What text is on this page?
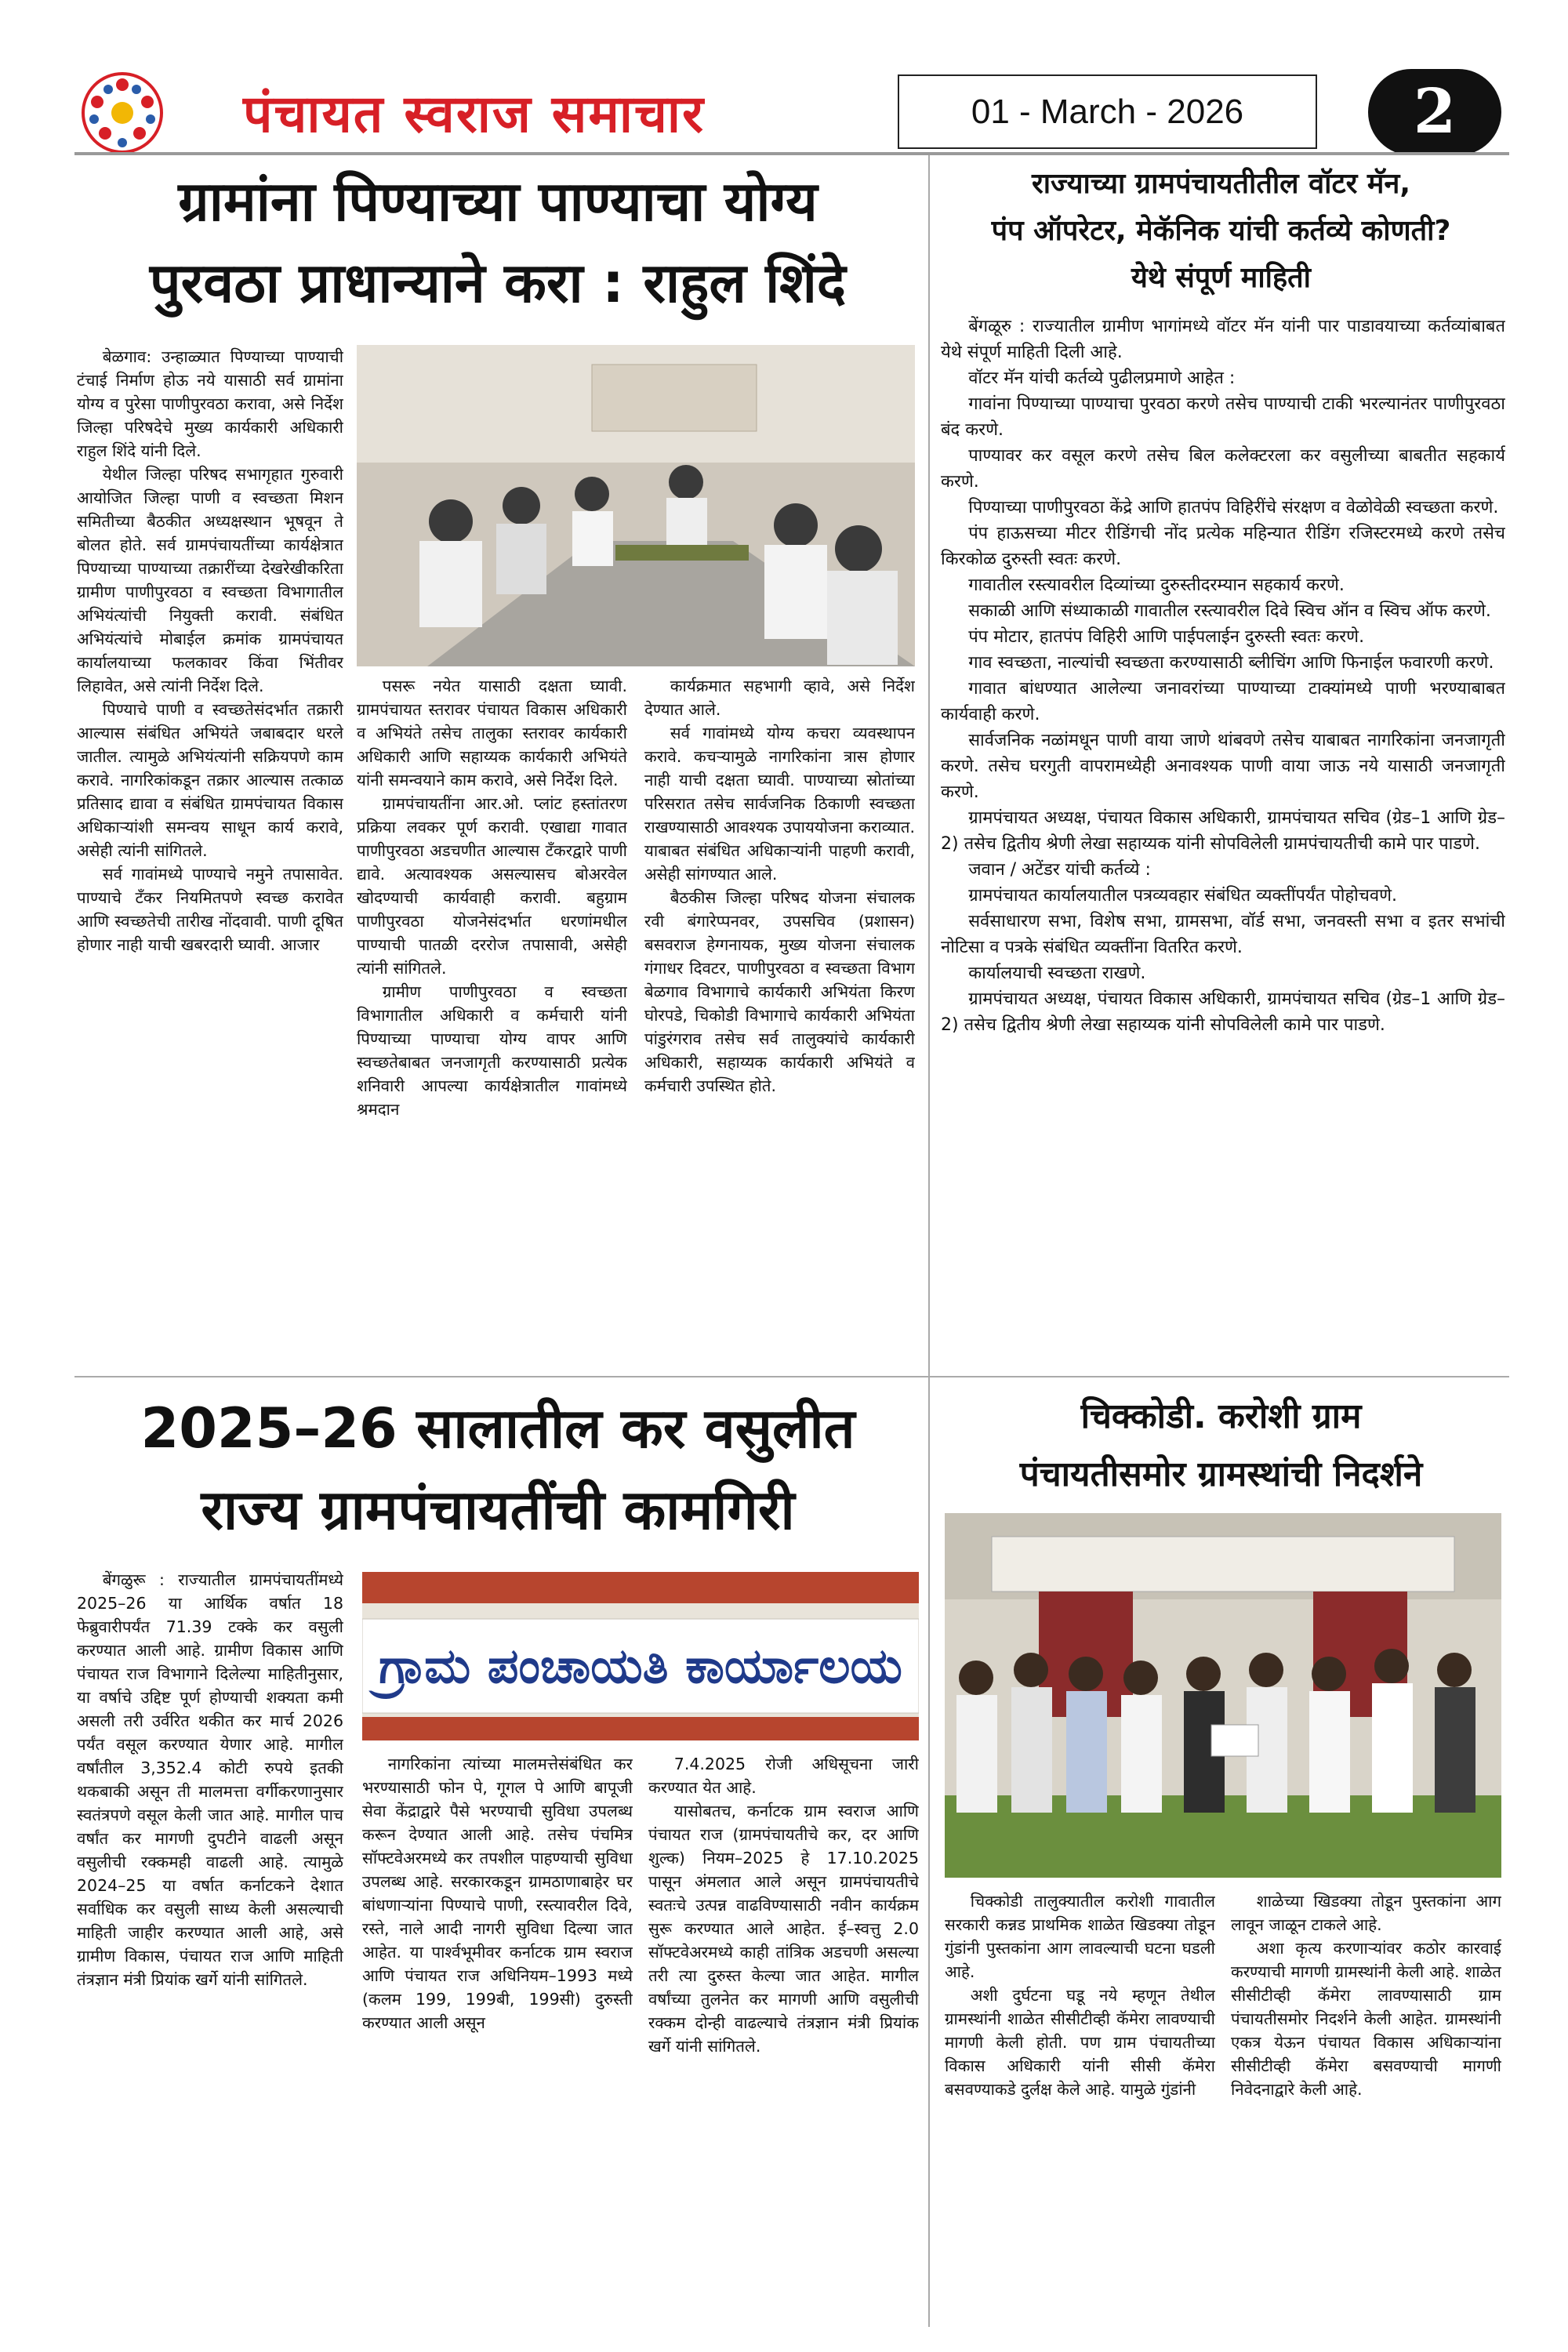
पंचायत स्वराज समाचार	01 - March - 2026	2
ग्रामांना पिण्याच्या पाण्याचा योग्य
पुरवठा प्राधान्याने करा : राहुल शिंदे

बेळगाव: उन्हाळ्यात पिण्याच्या पाण्याची टंचाई निर्माण होऊ नये यासाठी सर्व ग्रामांना योग्य व पुरेसा पाणीपुरवठा करावा, असे निर्देश जिल्हा परिषदेचे मुख्य कार्यकारी अधिकारी राहुल शिंदे यांनी दिले.

येथील जिल्हा परिषद सभागृहात गुरुवारी आयोजित जिल्हा पाणी व स्वच्छता मिशन समितीच्या बैठकीत अध्यक्षस्थान भूषवून ते बोलत होते. सर्व ग्रामपंचायतींच्या कार्यक्षेत्रात पिण्याच्या पाण्याच्या तक्रारींच्या देखरेखीकरिता ग्रामीण पाणीपुरवठा व स्वच्छता विभागातील अभियंत्यांची नियुक्ती करावी. संबंधित अभियंत्यांचे मोबाईल क्रमांक ग्रामपंचायत कार्यालयाच्या फलकावर किंवा भिंतीवर लिहावेत, असे त्यांनी निर्देश दिले.

पिण्याचे पाणी व स्वच्छतेसंदर्भात तक्रारी आल्यास संबंधित अभियंते जबाबदार धरले जातील. त्यामुळे अभियंत्यांनी सक्रियपणे काम करावे. नागरिकांकडून तक्रार आल्यास तत्काळ प्रतिसाद द्यावा व संबंधित ग्रामपंचायत विकास अधिकाऱ्यांशी समन्वय साधून कार्य करावे, असेही त्यांनी सांगितले.

सर्व गावांमध्ये पाण्याचे नमुने तपासावेत. पाण्याचे टँकर नियमितपणे स्वच्छ करावेत आणि स्वच्छतेची तारीख नोंदवावी. पाणी दूषित होणार नाही याची खबरदारी घ्यावी. आजार

पसरू नयेत यासाठी दक्षता घ्यावी. ग्रामपंचायत स्तरावर पंचायत विकास अधिकारी व अभियंते तसेच तालुका स्तरावर कार्यकारी अधिकारी आणि सहाय्यक कार्यकारी अभियंते यांनी समन्वयाने काम करावे, असे निर्देश दिले.

ग्रामपंचायतींना आर.ओ. प्लांट हस्तांतरण प्रक्रिया लवकर पूर्ण करावी. एखाद्या गावात पाणीपुरवठा अडचणीत आल्यास टँकरद्वारे पाणी द्यावे. अत्यावश्यक असल्यासच बोअरवेल खोदण्याची कार्यवाही करावी. बहुग्राम पाणीपुरवठा योजनेसंदर्भात धरणांमधील पाण्याची पातळी दररोज तपासावी, असेही त्यांनी सांगितले.

ग्रामीण पाणीपुरवठा व स्वच्छता विभागातील अधिकारी व कर्मचारी यांनी पिण्याच्या पाण्याचा योग्य वापर आणि स्वच्छतेबाबत जनजागृती करण्यासाठी प्रत्येक शनिवारी आपल्या कार्यक्षेत्रातील गावांमध्ये श्रमदान

कार्यक्रमात सहभागी व्हावे, असे निर्देश देण्यात आले.

सर्व गावांमध्ये योग्य कचरा व्यवस्थापन करावे. कचऱ्यामुळे नागरिकांना त्रास होणार नाही याची दक्षता घ्यावी. पाण्याच्या स्रोतांच्या परिसरात तसेच सार्वजनिक ठिकाणी स्वच्छता राखण्यासाठी आवश्यक उपाययोजना कराव्यात. याबाबत संबंधित अधिकाऱ्यांनी पाहणी करावी, असेही सांगण्यात आले.

बैठकीस जिल्हा परिषद योजना संचालक रवी बंगारेप्पनवर, उपसचिव (प्रशासन) बसवराज हेग्गनायक, मुख्य योजना संचालक गंगाधर दिवटर, पाणीपुरवठा व स्वच्छता विभाग बेळगाव विभागाचे कार्यकारी अभियंता किरण घोरपडे, चिकोडी विभागाचे कार्यकारी अभियंता पांडुरंगराव तसेच सर्व तालुक्यांचे कार्यकारी अधिकारी, सहाय्यक कार्यकारी अभियंते व कर्मचारी उपस्थित होते.

राज्याच्या ग्रामपंचायतीतील वॉटर मॅन,
पंप ऑपरेटर, मेकॅनिक यांची कर्तव्ये कोणती?
येथे संपूर्ण माहिती

बेंगळूरु : राज्यातील ग्रामीण भागांमध्ये वॉटर मॅन यांनी पार पाडावयाच्या कर्तव्यांबाबत येथे संपूर्ण माहिती दिली आहे.

वॉटर मॅन यांची कर्तव्ये पुढीलप्रमाणे आहेत :

गावांना पिण्याच्या पाण्याचा पुरवठा करणे तसेच पाण्याची टाकी भरल्यानंतर पाणीपुरवठा बंद करणे.

पाण्यावर कर वसूल करणे तसेच बिल कलेक्टरला कर वसुलीच्या बाबतीत सहकार्य करणे.

पिण्याच्या पाणीपुरवठा केंद्रे आणि हातपंप विहिरींचे संरक्षण व वेळोवेळी स्वच्छता करणे.

पंप हाऊसच्या मीटर रीडिंगची नोंद प्रत्येक महिन्यात रीडिंग रजिस्टरमध्ये करणे तसेच किरकोळ दुरुस्ती स्वतः करणे.

गावातील रस्त्यावरील दिव्यांच्या दुरुस्तीदरम्यान सहकार्य करणे.

सकाळी आणि संध्याकाळी गावातील रस्त्यावरील दिवे स्विच ऑन व स्विच ऑफ करणे.

पंप मोटार, हातपंप विहिरी आणि पाईपलाईन दुरुस्ती स्वतः करणे.

गाव स्वच्छता, नाल्यांची स्वच्छता करण्यासाठी ब्लीचिंग आणि फिनाईल फवारणी करणे.

गावात बांधण्यात आलेल्या जनावरांच्या पाण्याच्या टाक्यांमध्ये पाणी भरण्याबाबत कार्यवाही करणे.

सार्वजनिक नळांमधून पाणी वाया जाणे थांबवणे तसेच याबाबत नागरिकांना जनजागृती करणे. तसेच घरगुती वापरामध्येही अनावश्यक पाणी वाया जाऊ नये यासाठी जनजागृती करणे.

ग्रामपंचायत अध्यक्ष, पंचायत विकास अधिकारी, ग्रामपंचायत सचिव (ग्रेड–1 आणि ग्रेड–2) तसेच द्वितीय श्रेणी लेखा सहाय्यक यांनी सोपविलेली ग्रामपंचायतीची कामे पार पाडणे.

जवान / अटेंडर यांची कर्तव्ये :

ग्रामपंचायत कार्यालयातील पत्रव्यवहार संबंधित व्यक्तींपर्यंत पोहोचवणे.

सर्वसाधारण सभा, विशेष सभा, ग्रामसभा, वॉर्ड सभा, जनवस्ती सभा व इतर सभांची नोटिसा व पत्रके संबंधित व्यक्तींना वितरित करणे.

कार्यालयाची स्वच्छता राखणे.

ग्रामपंचायत अध्यक्ष, पंचायत विकास अधिकारी, ग्रामपंचायत सचिव (ग्रेड–1 आणि ग्रेड–2) तसेच द्वितीय श्रेणी लेखा सहाय्यक यांनी सोपविलेली कामे पार पाडणे.

2025–26 सालातील कर वसुलीत
राज्य ग्रामपंचायतींची कामगिरी

बेंगळुरू : राज्यातील ग्रामपंचायतींमध्ये 2025–26 या आर्थिक वर्षात 18 फेब्रुवारीपर्यंत 71.39 टक्के कर वसुली करण्यात आली आहे. ग्रामीण विकास आणि पंचायत राज विभागाने दिलेल्या माहितीनुसार, या वर्षाचे उद्दिष्ट पूर्ण होण्याची शक्यता कमी असली तरी उर्वरित थकीत कर मार्च 2026 पर्यंत वसूल करण्यात येणार आहे. मागील वर्षांतील 3,352.4 कोटी रुपये इतकी थकबाकी असून ती मालमत्ता वर्गीकरणानुसार स्वतंत्रपणे वसूल केली जात आहे. मागील पाच वर्षांत कर मागणी दुपटीने वाढली असून वसुलीची रक्कमही वाढली आहे. त्यामुळे 2024–25 या वर्षात कर्नाटकने देशात सर्वाधिक कर वसुली साध्य केली असल्याची माहिती जाहीर करण्यात आली आहे, असे ग्रामीण विकास, पंचायत राज आणि माहिती तंत्रज्ञान मंत्री प्रियांक खर्गे यांनी सांगितले.

ಗ್ರಾಮ ಪಂಚಾಯತಿ ಕಾರ್ಯಾಲಯ

नागरिकांना त्यांच्या मालमत्तेसंबंधित कर भरण्यासाठी फोन पे, गूगल पे आणि बापूजी सेवा केंद्राद्वारे पैसे भरण्याची सुविधा उपलब्ध करून देण्यात आली आहे. तसेच पंचमित्र सॉफ्टवेअरमध्ये कर तपशील पाहण्याची सुविधा उपलब्ध आहे. सरकारकडून ग्रामठाणाबाहेर घर बांधणाऱ्यांना पिण्याचे पाणी, रस्त्यावरील दिवे, रस्ते, नाले आदी नागरी सुविधा दिल्या जात आहेत. या पार्श्वभूमीवर कर्नाटक ग्राम स्वराज आणि पंचायत राज अधिनियम–1993 मध्ये (कलम 199, 199बी, 199सी) दुरुस्ती करण्यात आली असून

7.4.2025 रोजी अधिसूचना जारी करण्यात येत आहे.

यासोबतच, कर्नाटक ग्राम स्वराज आणि पंचायत राज (ग्रामपंचायतीचे कर, दर आणि शुल्क) नियम–2025 हे 17.10.2025 पासून अंमलात आले असून ग्रामपंचायतीचे स्वतःचे उत्पन्न वाढविण्यासाठी नवीन कार्यक्रम सुरू करण्यात आले आहेत. ई–स्वत्तु 2.0 सॉफ्टवेअरमध्ये काही तांत्रिक अडचणी असल्या तरी त्या दुरुस्त केल्या जात आहेत. मागील वर्षांच्या तुलनेत कर मागणी आणि वसुलीची रक्कम दोन्ही वाढल्याचे तंत्रज्ञान मंत्री प्रियांक खर्गे यांनी सांगितले.

चिक्कोडी. करोशी ग्राम
पंचायतीसमोर ग्रामस्थांची निदर्शने

चिक्कोडी तालुक्यातील करोशी गावातील सरकारी कन्नड प्राथमिक शाळेत खिडक्या तोडून गुंडांनी पुस्तकांना आग लावल्याची घटना घडली आहे.

अशी दुर्घटना घडू नये म्हणून तेथील ग्रामस्थांनी शाळेत सीसीटीव्ही कॅमेरा लावण्याची मागणी केली होती. पण ग्राम पंचायतीच्या विकास अधिकारी यांनी सीसी कॅमेरा बसवण्याकडे दुर्लक्ष केले आहे. यामुळे गुंडांनी

शाळेच्या खिडक्या तोडून पुस्तकांना आग लावून जाळून टाकले आहे.

अशा कृत्य करणाऱ्यांवर कठोर कारवाई करण्याची मागणी ग्रामस्थांनी केली आहे. शाळेत सीसीटीव्ही कॅमेरा लावण्यासाठी ग्राम पंचायतीसमोर निदर्शने केली आहेत. ग्रामस्थांनी एकत्र येऊन पंचायत विकास अधिकाऱ्यांना सीसीटीव्ही कॅमेरा बसवण्याची मागणी निवेदनाद्वारे केली आहे.
